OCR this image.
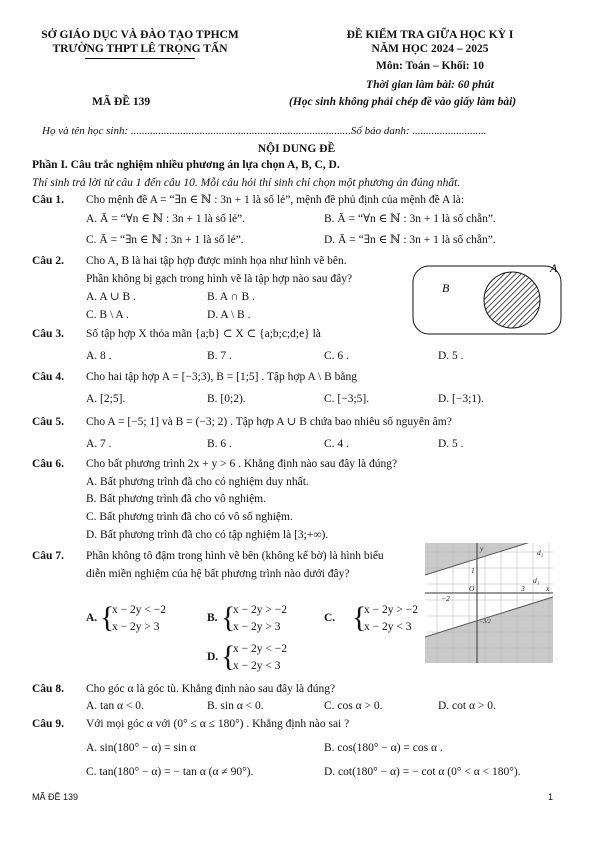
SỞ GIÁO DỤC VÀ ĐÀO TẠO TPHCM
TRƯỜNG THPT LÊ TRỌNG TẤN
ĐỀ KIỂM TRA GIỮA HỌC KỲ I
NĂM HỌC 2024 – 2025
Môn: Toán – Khối: 10
Thời gian làm bài: 60 phút
MÃ ĐỀ 139	(Học sinh không phải chép đề vào giấy làm bài)
Họ và tên học sinh: ................................................................................Số báo danh: ...........................
NỘI DUNG ĐỀ
Phần I. Câu trắc nghiệm nhiều phương án lựa chọn A, B, C, D.
Thí sinh trả lời từ câu 1 đến câu 10. Mỗi câu hỏi thí sinh chỉ chọn một phương án đúng nhất.
Câu 1. Cho mệnh đề A = “∃n ∈ ℕ : 3n + 1 là số lẻ”, mệnh đề phủ định của mệnh đề A là:
A. Ā = “∀n ∈ ℕ : 3n + 1 là số lẻ”.	B. Ā = “∀n ∈ ℕ : 3n + 1 là số chẵn”.
C. Ā = “∃n ∈ ℕ : 3n + 1 là số lẻ”.	D. Ā = “∃n ∈ ℕ : 3n + 1 là số chẵn”.
Câu 2. Cho A, B là hai tập hợp được minh họa như hình vẽ bên.
Phần không bị gạch trong hình vẽ là tập hợp nào sau đây?
A. A ∪ B .	B. A ∩ B .
C. B \ A .	D. A \ B .
A
B
Câu 3. Số tập hợp X thỏa mãn {a;b} ⊂ X ⊂ {a;b;c;d;e} là
A. 8 .	B. 7 .	C. 6 .	D. 5 .
Câu 4. Cho hai tập hợp A = [−3;3), B = [1;5] . Tập hợp A \ B bằng
A. [2;5].	B. [0;2).	C. [−3;5].	D. [−3;1).
Câu 5. Cho A = [−5; 1] và B = (−3; 2) . Tập hợp A ∪ B chứa bao nhiêu số nguyên âm?
A. 7 .	B. 6 .	C. 4 .	D. 5 .
Câu 6. Cho bất phương trình 2x + y > 6 . Khẳng định nào sau đây là đúng?
A. Bất phương trình đã cho có nghiệm duy nhất.
B. Bất phương trình đã cho vô nghiệm.
C. Bất phương trình đã cho có vô số nghiệm.
D. Bất phương trình đã cho có tập nghiệm là [3;+∞).
Câu 7. Phần không tô đậm trong hình vẽ bên (không kể bờ) là hình biểu
diễn miền nghiệm của hệ bất phương trình nào dưới đây?
A. {
x − 2y < −2
x − 2y > 3
B. {
x − 2y > −2
x − 2y > 3
C. {
x − 2y > −2
x − 2y < 3
D. {
x − 2y < −2
x − 2y < 3
y
x
O
−2
1
3
d₁
d₂
−3/2
Câu 8. Cho góc α là góc tù. Khẳng định nào sau đây là đúng?
A. tan α < 0.	B. sin α < 0.	C. cos α > 0.	D. cot α > 0.
Câu 9. Với mọi góc α với (0° ≤ α ≤ 180°) . Khẳng định nào sai ?
A. sin(180° − α) = sin α	B. cos(180° − α) = cos α .
C. tan(180° − α) = − tan α (α ≠ 90°).	D. cot(180° − α) = − cot α (0° < α < 180°).
MÃ ĐỀ 139	1
